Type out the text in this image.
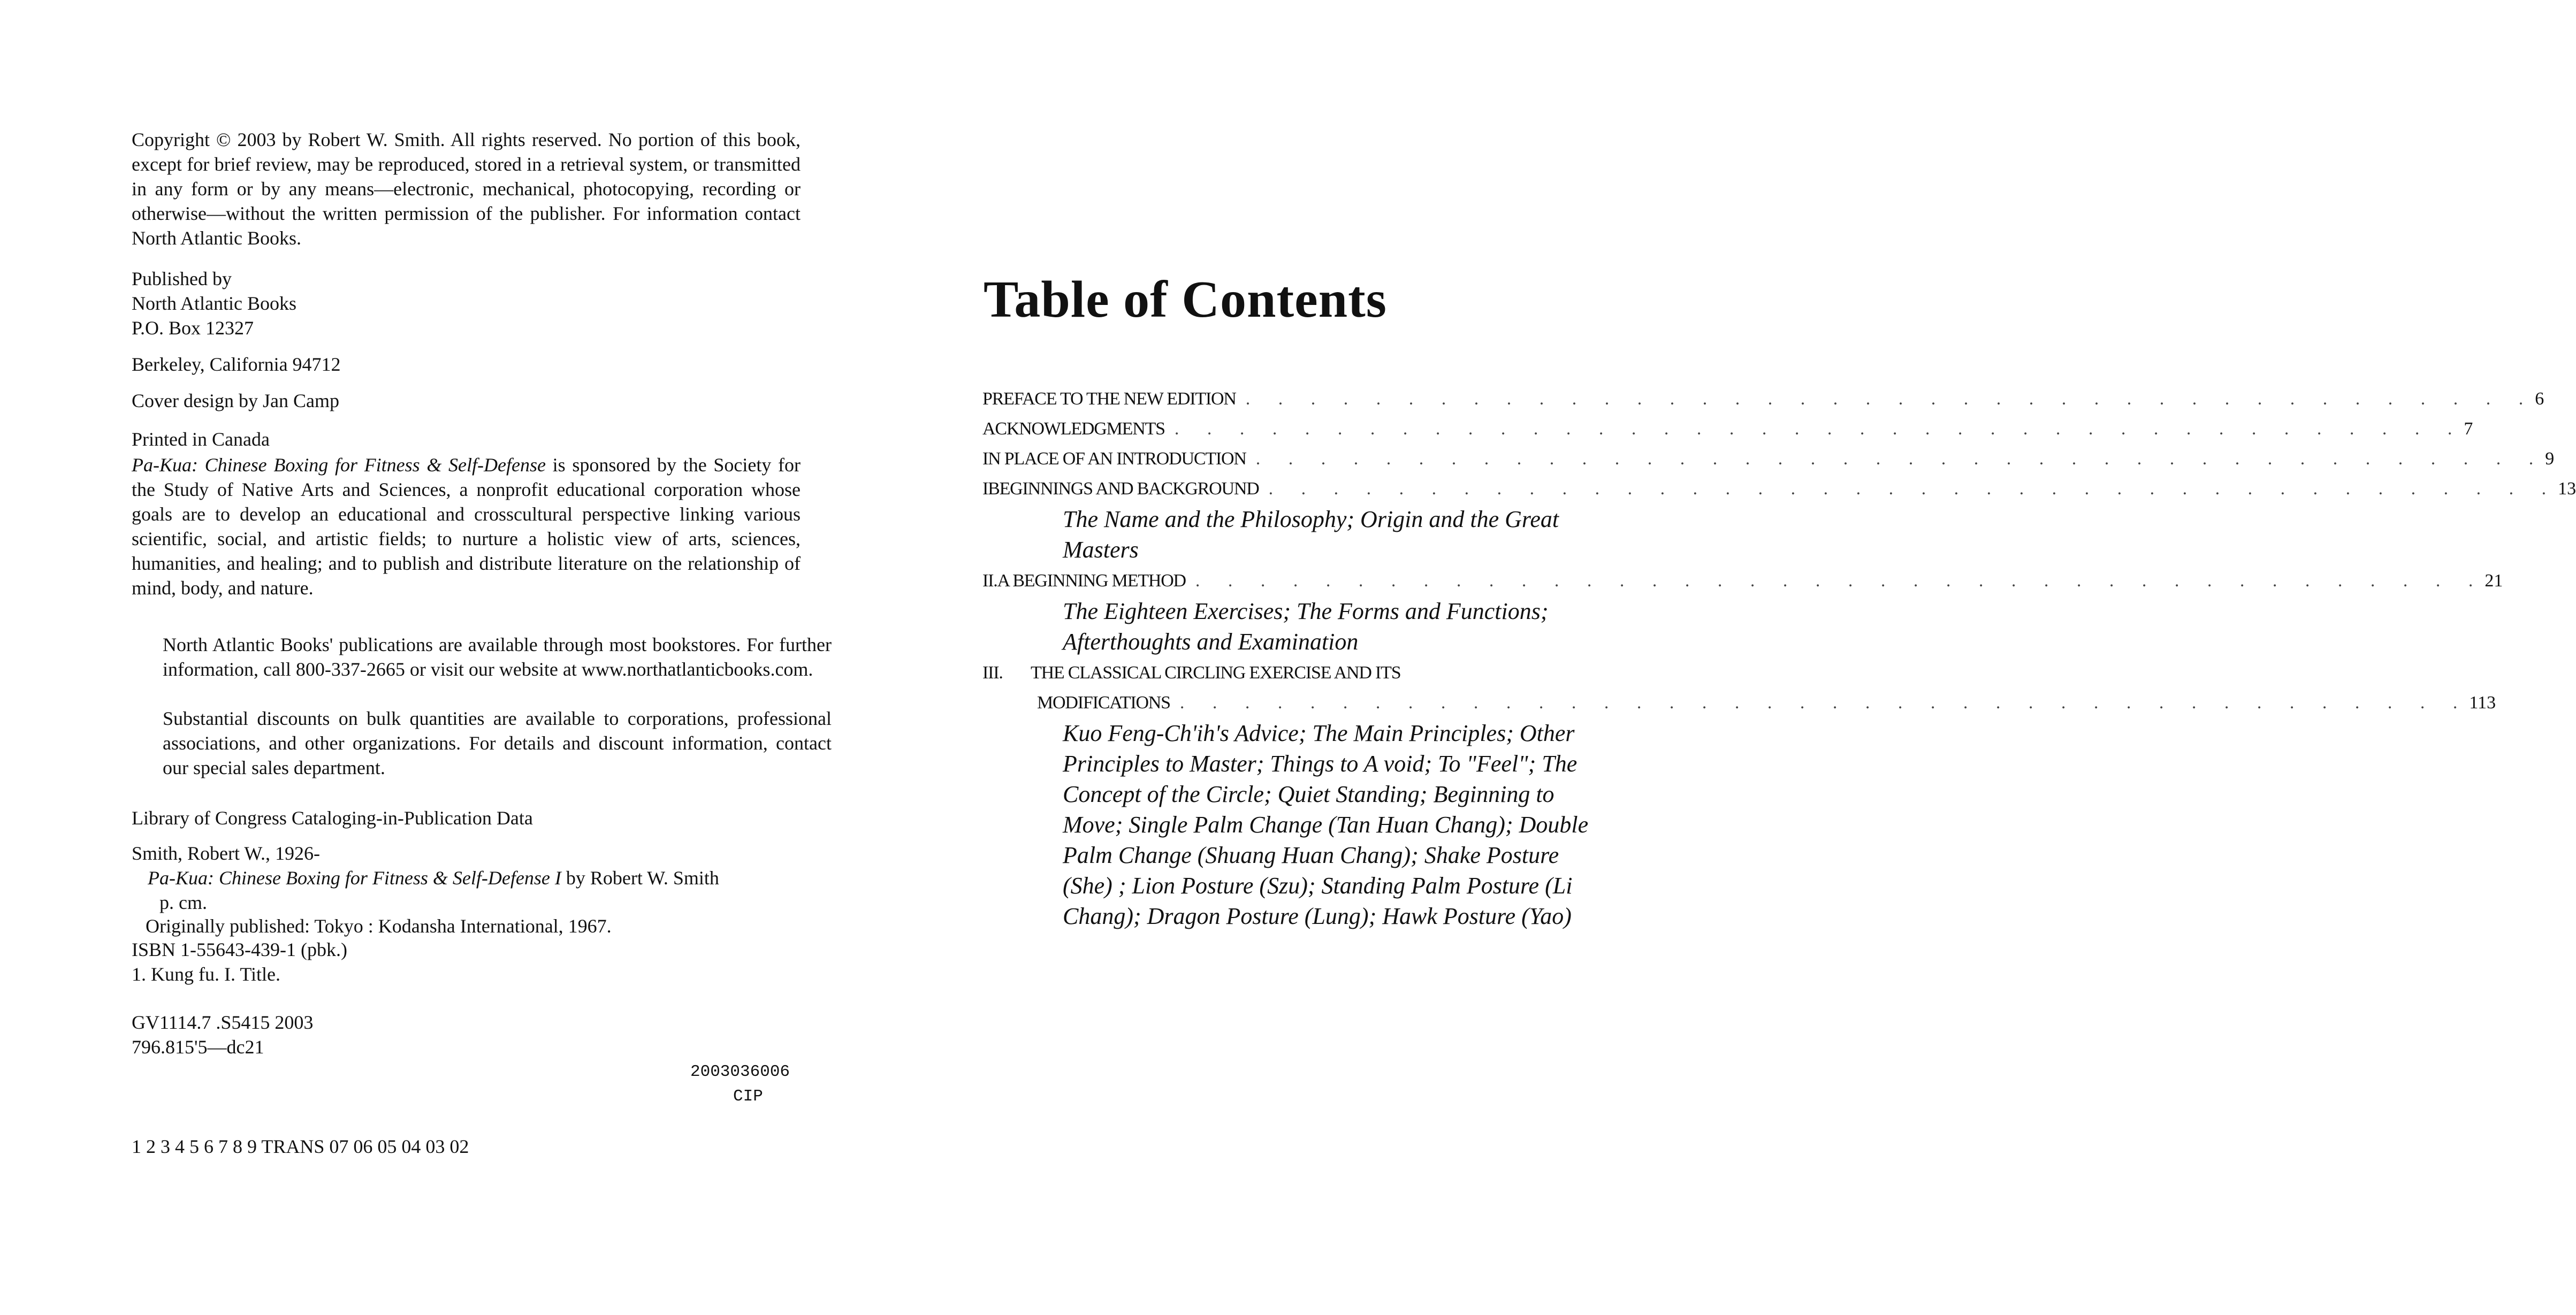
Copyright © 2003 by Robert W. Smith. All rights reserved. No portion of this book, except for brief review, may be reproduced, stored in a retrieval system, or transmitted in any form or by any means—electronic, mechanical, photocopying, recording or otherwise—without the written permission of the publisher. For information contact North Atlantic Books.

Published by

North Atlantic Books

P.O. Box 12327

Berkeley, California 94712

Cover design by Jan Camp

Printed in Canada

Pa-Kua: Chinese Boxing for Fitness & Self-Defense is sponsored by the Society for the Study of Native Arts and Sciences, a nonprofit educational corporation whose goals are to develop an educational and crosscultural perspective linking various scientific, social, and artistic fields; to nurture a holistic view of arts, sciences, humanities, and healing; and to publish and distribute literature on the relationship of mind, body, and nature.

North Atlantic Books' publications are available through most bookstores. For further information, call 800-337-2665 or visit our website at www.northatlanticbooks.com.

Substantial discounts on bulk quantities are available to corporations, professional associations, and other organizations. For details and discount information, contact our special sales department.

Library of Congress Cataloging-in-Publication Data

Smith, Robert W., 1926-

Pa-Kua: Chinese Boxing for Fitness & Self-Defense I by Robert W. Smith

p. cm.

Originally published: Tokyo : Kodansha International, 1967.

ISBN 1-55643-439-1 (pbk.)

1. Kung fu. I. Title.

GV1114.7 .S5415 2003

796.815'5—dc21

2003036006

CIP

1 2 3 4 5 6 7 8 9 TRANS 07 06 05 04 03 02

Table of Contents
PREFACE TO THE NEW EDITION . . . . . . . . . . . . . . . . . . . . . . . . . . . . . . . . . . . . . . . . 6
ACKNOWLEDGMENTS . . . . . . . . . . . . . . . . . . . . . . . . . . . . . . . . . . . . . . . . 7
IN PLACE OF AN INTRODUCTION . . . . . . . . . . . . . . . . . . . . . . . . . . . . . . . . . . . . . . . . 9
I BEGINNINGS AND BACKGROUND . . . . . . . . . . . . . . . . . . . . . . . . . . . . . . . . . . . . . . . . 13

The Name and the Philosophy; Origin and the Great Masters

II. A BEGINNING METHOD . . . . . . . . . . . . . . . . . . . . . . . . . . . . . . . . . . . . . . . . 21

The Eighteen Exercises; The Forms and Functions; Afterthoughts and Examination

III.	THE CLASSICAL CIRCLING EXERCISE AND ITS
MODIFICATIONS . . . . . . . . . . . . . . . . . . . . . . . . . . . . . . . . . . . . . . . . 113

Kuo Feng-Ch'ih's Advice; The Main Principles; Other Principles to Master; Things to A void; To "Feel"; The Concept of the Circle; Quiet Standing; Beginning to Move; Single Palm Change (Tan Huan Chang); Double Palm Change (Shuang Huan Chang); Shake Posture (She) ; Lion Posture (Szu); Standing Palm Posture (Li Chang); Dragon Posture (Lung); Hawk Posture (Yao)
